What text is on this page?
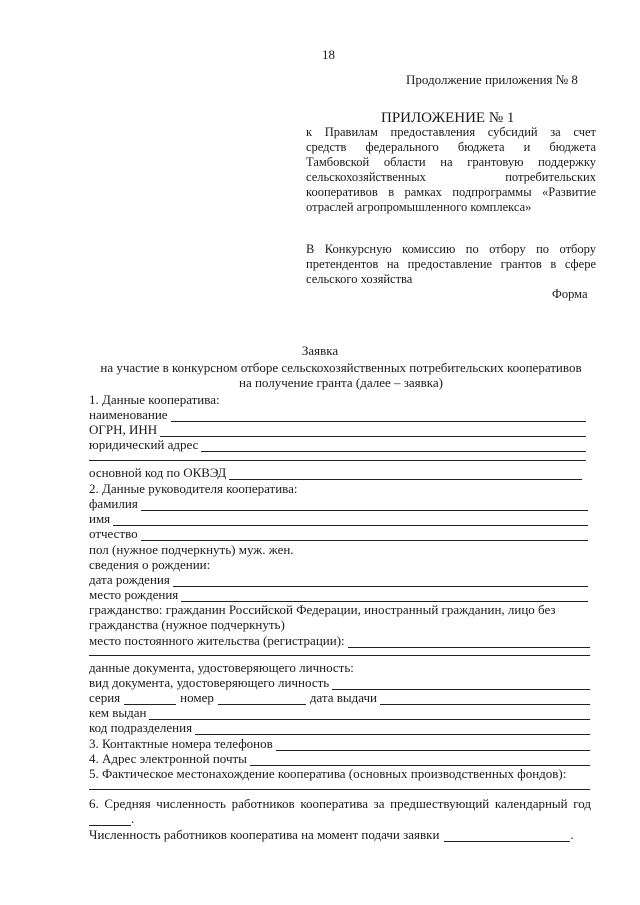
18
Продолжение приложения № 8
ПРИЛОЖЕНИЕ № 1
к Правилам предоставления субсидий за счет
средств федерального бюджета и бюджета
Тамбовской области на грантовую поддержку
сельскохозяйственных потребительских
кооперативов в рамках подпрограммы «Развитие
отраслей агропромышленного комплекса»
В Конкурсную комиссию по отбору по отбору
претендентов на предоставление грантов в сфере
сельского хозяйства
Форма
Заявка
на участие в конкурсном отборе сельскохозяйственных потребительских кооперативов
на получение гранта (далее – заявка)
1. Данные кооператива:
наименование
ОГРН, ИНН
юридический адрес
основной код по ОКВЭД
2. Данные руководителя кооператива:
фамилия
имя
отчество
пол (нужное подчеркнуть) муж. жен.
сведения о рождении:
дата рождения
место рождения
гражданство: гражданин Российской Федерации, иностранный гражданин, лицо без
гражданства (нужное подчеркнуть)
место постоянного жительства (регистрации):
данные документа, удостоверяющего личность:
вид документа, удостоверяющего личность
серия	номер	дата выдачи
кем выдан
код подразделения
3. Контактные номера телефонов
4. Адрес электронной почты
5. Фактическое местонахождение кооператива (основных производственных фондов):
6. Средняя численность работников кооператива за предшествующий календарный год
.
Численность работников кооператива на момент подачи заявки	.
